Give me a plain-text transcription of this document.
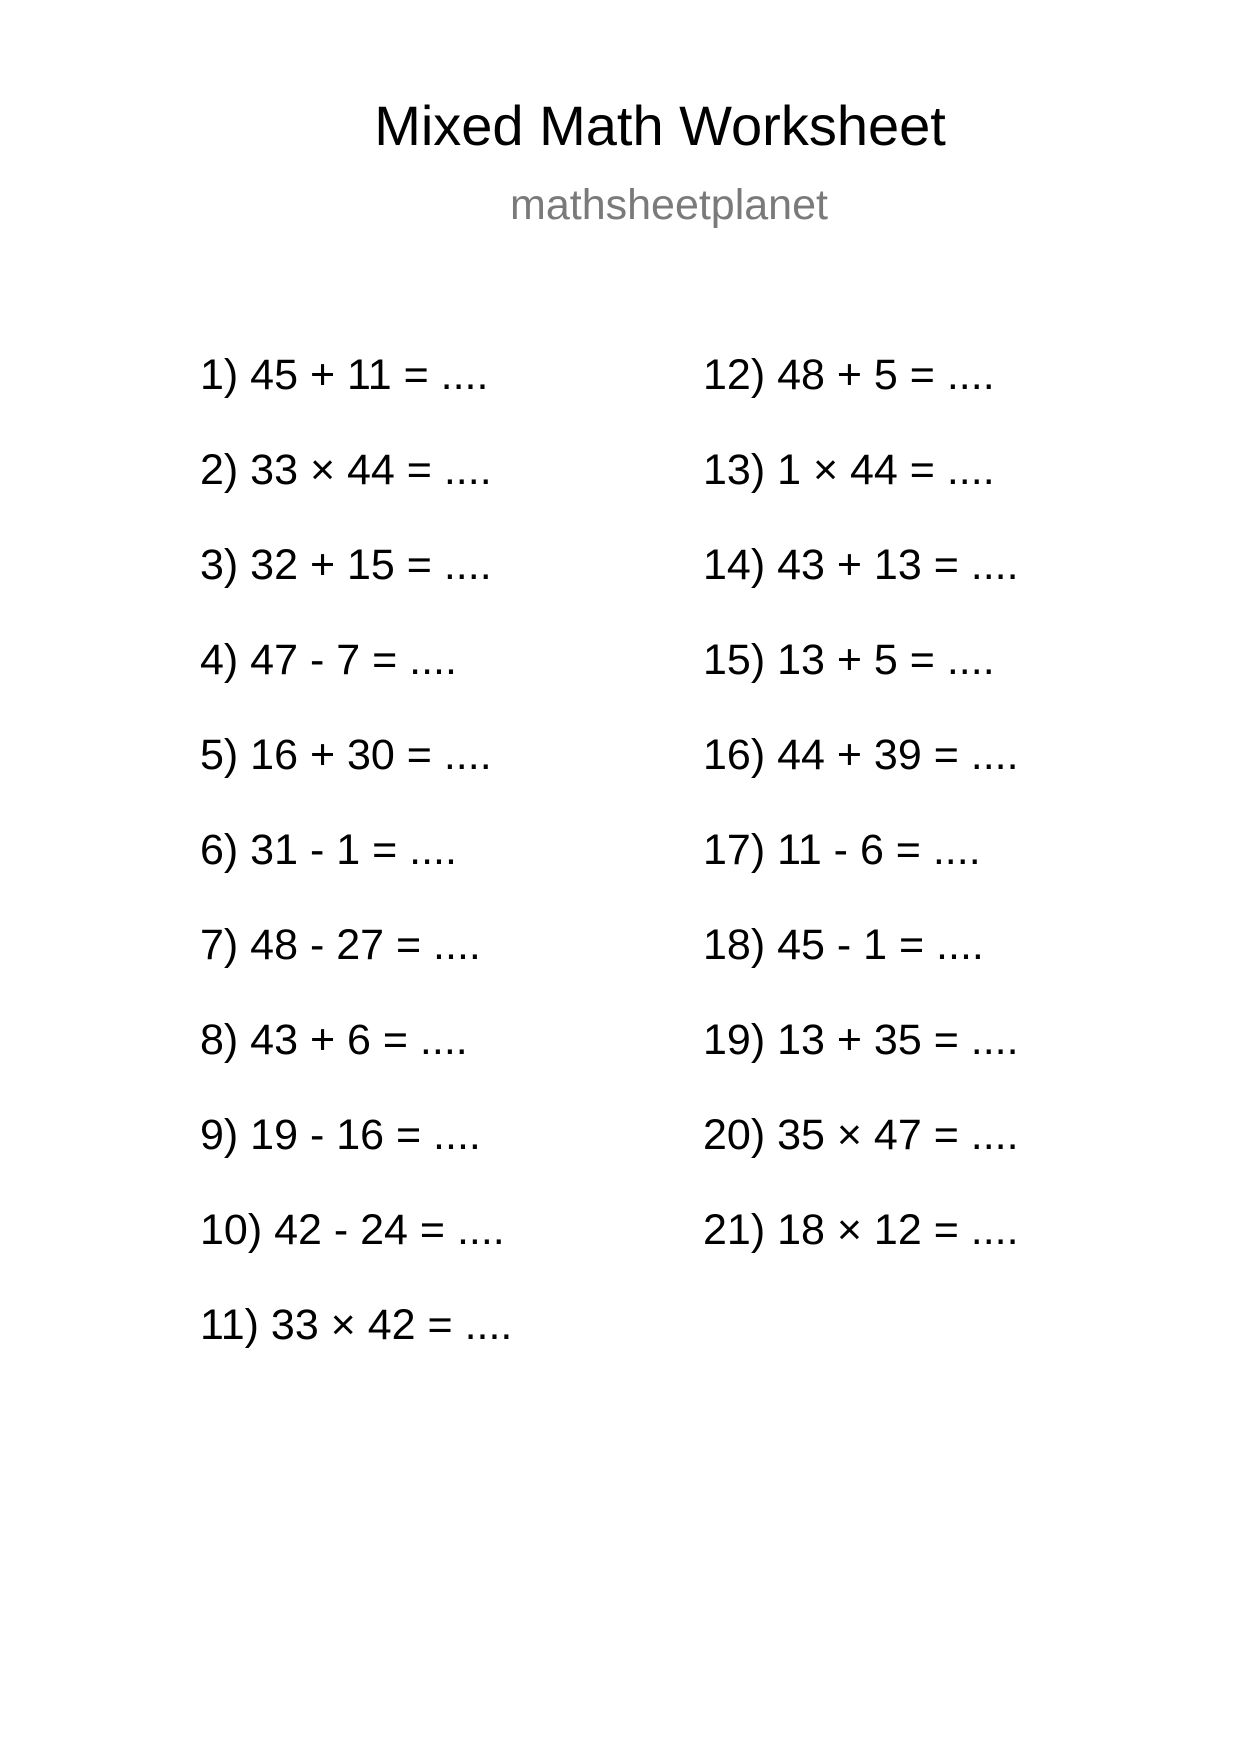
Mixed Math Worksheet
mathsheetplanet
1) 45 + 11 = ....
2) 33 × 44 = ....
3) 32 + 15 = ....
4) 47 - 7 = ....
5) 16 + 30 = ....
6) 31 - 1 = ....
7) 48 - 27 = ....
8) 43 + 6 = ....
9) 19 - 16 = ....
10) 42 - 24 = ....
11) 33 × 42 = ....
12) 48 + 5 = ....
13) 1 × 44 = ....
14) 43 + 13 = ....
15) 13 + 5 = ....
16) 44 + 39 = ....
17) 11 - 6 = ....
18) 45 - 1 = ....
19) 13 + 35 = ....
20) 35 × 47 = ....
21) 18 × 12 = ....
